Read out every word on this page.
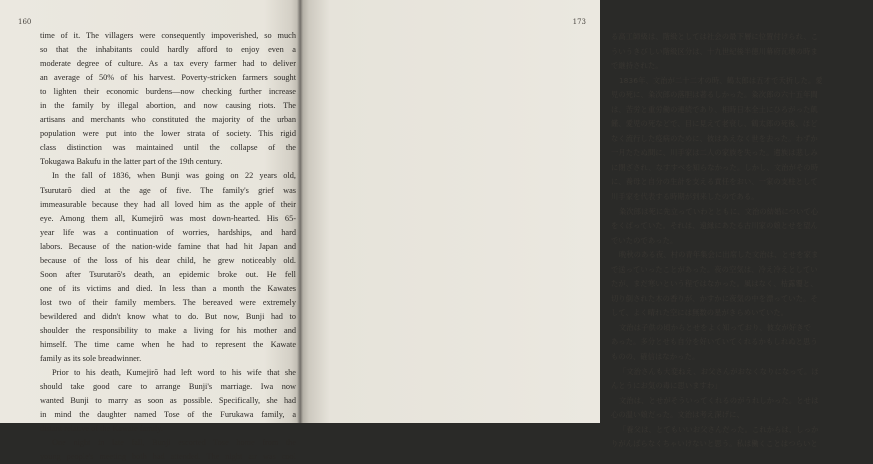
160
time of it. The villagers were consequently impoverished, so much
so that the inhabitants could hardly afford to enjoy even a
moderate degree of culture. As a tax every farmer had to deliver
an average of 50% of his harvest. Poverty-stricken farmers sought
to lighten their economic burdens—now checking further increase
in the family by illegal abortion, and now causing riots. The
artisans and merchants who constituted the majority of the urban
population were put into the lower strata of society. This rigid
class distinction was maintained until the collapse of the
Tokugawa Bakufu in the latter part of the 19th century.
In the fall of 1836, when Bunji was going on 22 years old,
Tsurutarō died at the age of five. The family's grief was
immeasurable because they had all loved him as the apple of their
eye. Among them all, Kumejirō was most down-hearted. His 65-
year life was a continuation of worries, hardships, and hard
labors. Because of the nation-wide famine that had hit Japan and
because of the loss of his dear child, he grew noticeably old.
Soon after Tsurutarō's death, an epidemic broke out. He fell
one of its victims and died. In less than a month the Kawates
lost two of their family members. The bereaved were extremely
bewildered and didn't know what to do. But now, Bunji had to
shoulder the responsibility to make a living for his mother and
himself. The time came when he had to represent the Kawate
family as its sole breadwinner.
Prior to his death, Kumejirō had left word to his wife that she
should take good care to arrange Bunji's marriage. Iwa now
wanted Bunji to marry as soon as possible. Specifically, she had
in mind the daughter named Tose of the Furukawa family, a
distant relative of the Kawate family.
One night in late fall, Bunji escorted Tose home from the
young people's meeting both had attended. The night air was cool
173
る高工師級は、階級としては社会の最下層に位置付けられ、こ
ういうきびしい階級区分は、十九世紀後半徳川幕府瓦壊の時ま
で継持された。
1836年、文治が二十二才の時、鶴太郎は五才で夭折した。愛
児の死に、粂次郎の落胆は著るしかった。粂次郎の六十五年間
は、苦労と重労働の連続であり、相時日本全土にひろがった飢
饉、愛児の死などで、目に見えて老衰し、鶴太郎の死後、ほど
なく流行した疫病のために、彼はあえなく世を去った。わずか
一月たたぬ間に、川手家は二人の家族を失った。遺族は悲しみ
に閉ざされ、なすすべを知らなかった。しかし、文治がその時
に、養母と自分の生計を支える責任をおい、一家の支柱として
川手家を代表する時期が到来したのである。
粂次郎は死に先立っていわとともに、文治の結婚について心
をくばっていた。それは、遠縁にあたる古川家の娘とせを望ん
でいたのであった。
晩秋のある夜、村の青年集会に出席した文治は、とせを家ま
で送っていったことがあった。夜の空気は、冷え冷えとしてい
たが、まだ寒いという程ではなかった。風はなく、枯露覆と、
切り倒された木の香りが、かすかに夜気の中を漂っていた。そ
して、よく晴れた空には無数の星がきらめいていた。
文治は子供の頃からとせをよく知っており、彼女が好きで
あった。多分とせも自分を好いていてくれるかもしれぬと思う
ものの、確信はなかった。
「文治さんも大変ねえ、お父さんがおなくなりになって。ほ
んとうにお気の毒に思いますわ」
文治は、とせがそういってくれるのがうれしかった。とせは
心の温い娘だった。文治は考え深げに、
「養父は、とてもいいお父さんだった。これからは、しっか
りがんばらなくちゃいけないと思う。私は働くことはつらいと
